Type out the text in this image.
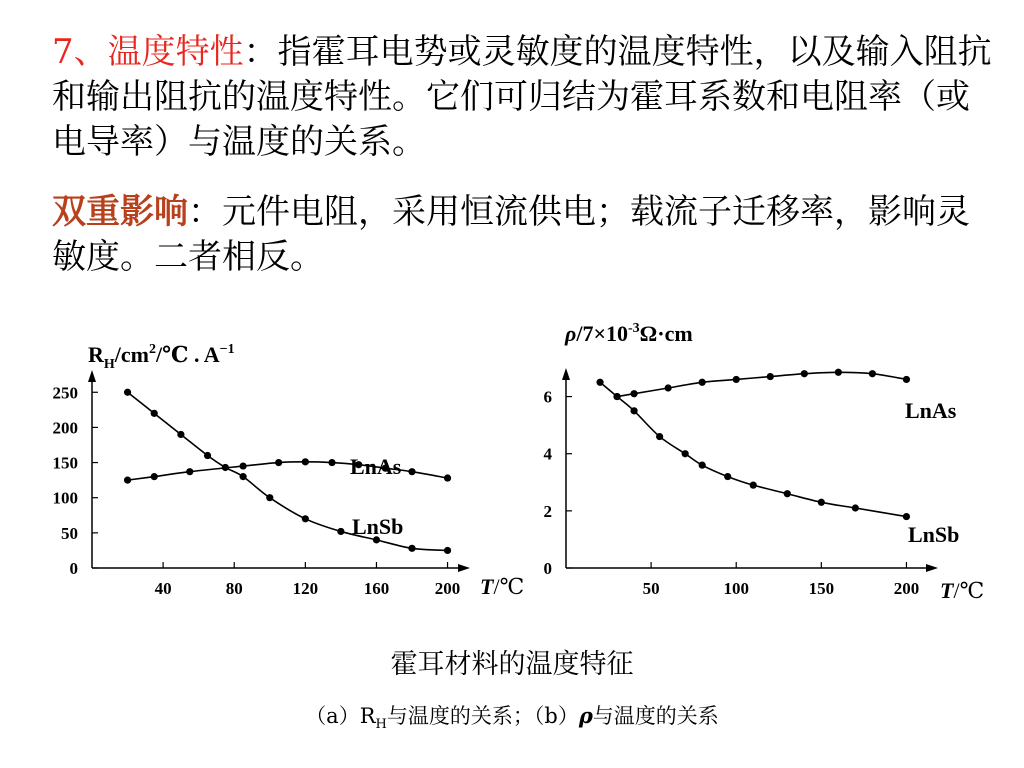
7、温度特性：指霍耳电势或灵敏度的温度特性，以及输入阻抗和输出阻抗的温度特性。它们可归结为霍耳系数和电阻率（或电导率）与温度的关系。

双重影响：元件电阻，采用恒流供电；载流子迁移率，影响灵敏度。二者相反。

$R_H/cm^2/℃$ . $A^{-1}$
0
50
100
150
200
250
40	80	120	160	200
LnAs
LnSb
T/℃
$\rho/7\times 10^{-3}\Omega\cdot cm$
0
2
4
6
50	100	150	200
LnAs
LnSb
T/℃

霍耳材料的温度特征

$(a)R_H$与温度的关系；（b）ρ与温度的关系
